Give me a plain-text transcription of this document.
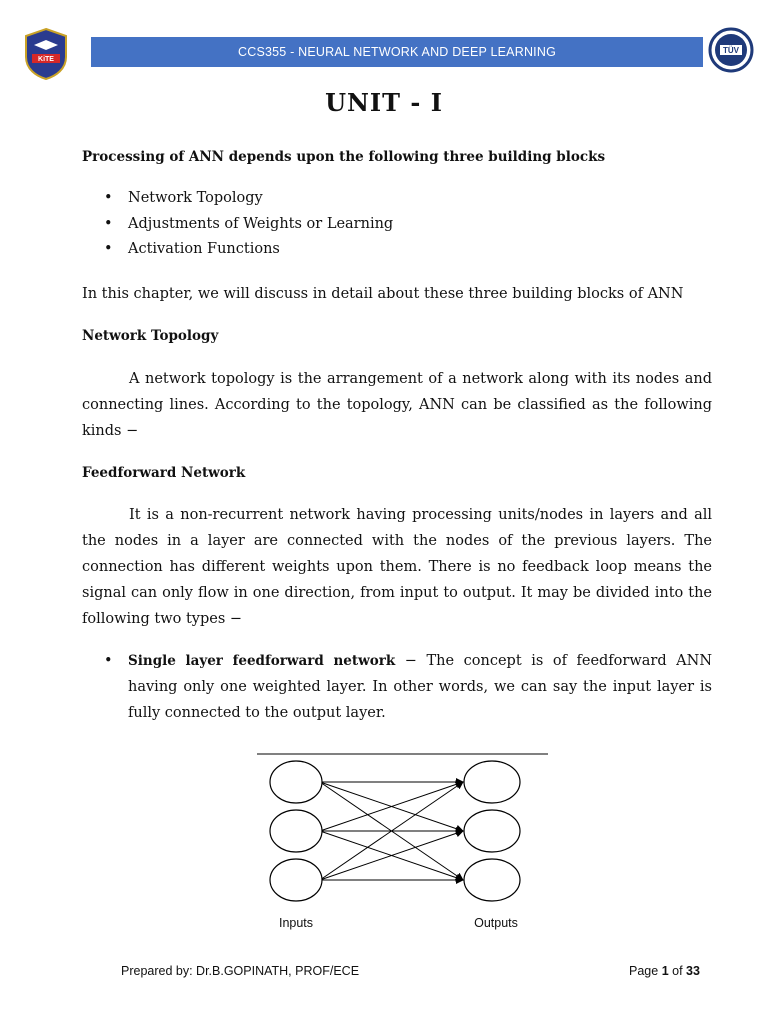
KiTE
CCS355 - NEURAL NETWORK AND DEEP LEARNING	TÜV
UNIT - I
Processing of ANN depends upon the following three building blocks
• Network Topology
• Adjustments of Weights or Learning
• Activation Functions
In this chapter, we will discuss in detail about these three building blocks of ANN
Network Topology
A network topology is the arrangement of a network along with its nodes and connecting lines. According to the topology, ANN can be classified as the following kinds −
Feedforward Network
It is a non-recurrent network having processing units/nodes in layers and all the nodes in a layer are connected with the nodes of the previous layers. The connection has different weights upon them. There is no feedback loop means the signal can only flow in one direction, from input to output. It may be divided into the following two types −
• Single layer feedforward network − The concept is of feedforward ANN having only one weighted layer. In other words, we can say the input layer is fully connected to the output layer.
Inputs	Outputs
Prepared by: Dr.B.GOPINATH, PROF/ECE	Page 1 of 33
